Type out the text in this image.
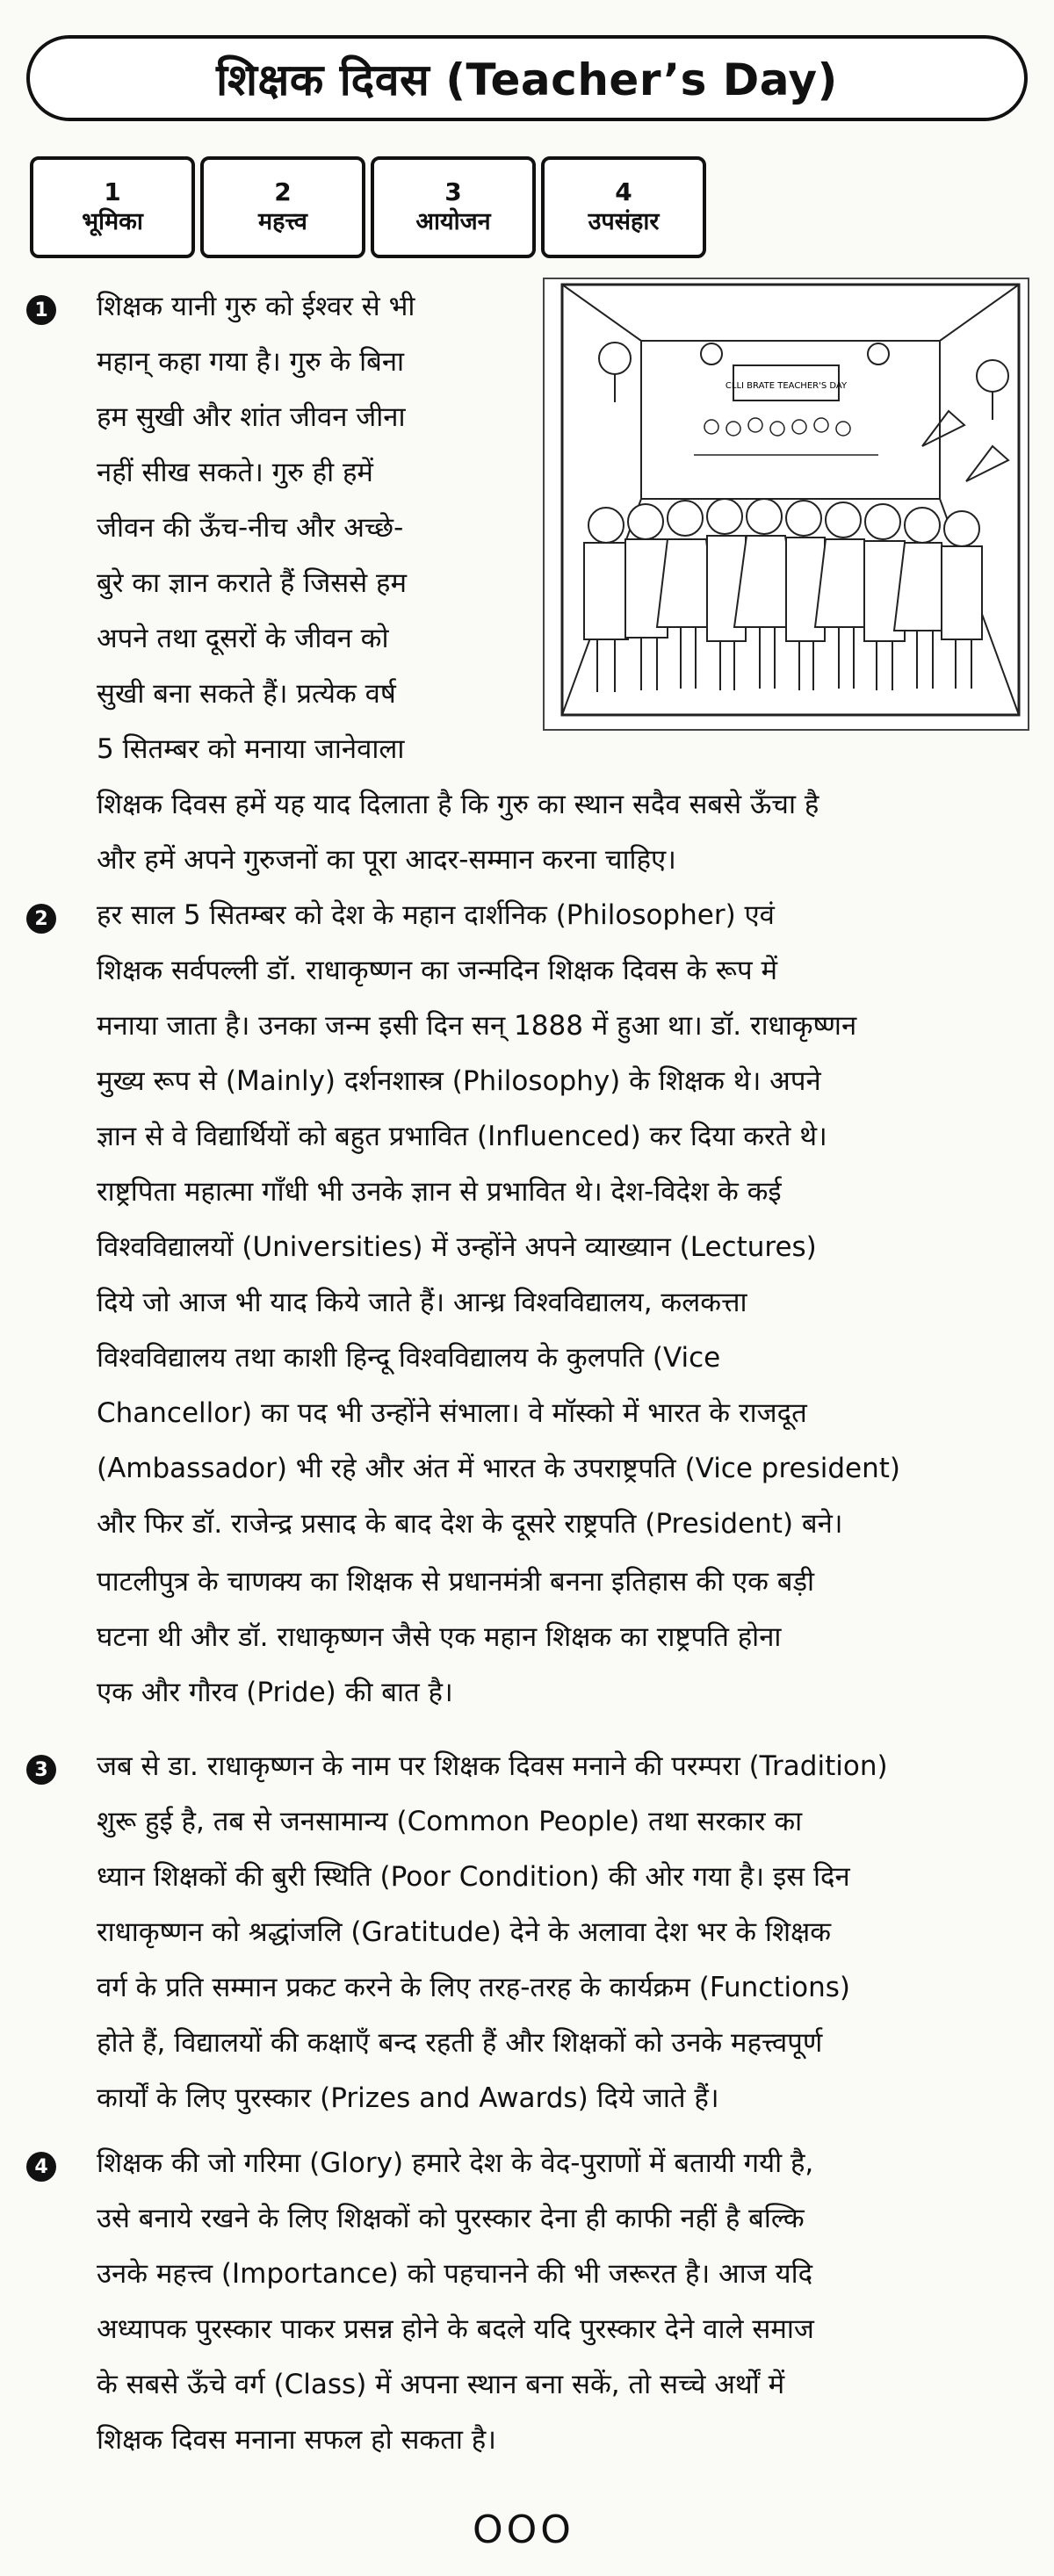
शिक्षक दिवस (Teacher’s Day)
1
भूमिका
2
महत्त्व
3
आयोजन
4
उपसंहार
1	शिक्षक यानी गुरु को ईश्वर से भी
महान् कहा गया है। गुरु के बिना
हम सुखी और शांत जीवन जीना
नहीं सीख सकते। गुरु ही हमें
जीवन की ऊँच-नीच और अच्छे-
बुरे का ज्ञान कराते हैं जिससे हम
अपने तथा दूसरों के जीवन को
सुखी बना सकते हैं। प्रत्येक वर्ष
5 सितम्बर को मनाया जानेवाला
CLLI BRATE TEACHER'S DAY
शिक्षक दिवस हमें यह याद दिलाता है कि गुरु का स्थान सदैव सबसे ऊँचा है
और हमें अपने गुरुजनों का पूरा आदर-सम्मान करना चाहिए।
2	हर साल 5 सितम्बर को देश के महान दार्शनिक (Philosopher) एवं
शिक्षक सर्वपल्ली डॉ. राधाकृष्णन का जन्मदिन शिक्षक दिवस के रूप में
मनाया जाता है। उनका जन्म इसी दिन सन् 1888 में हुआ था। डॉ. राधाकृष्णन
मुख्य रूप से (Mainly) दर्शनशास्त्र (Philosophy) के शिक्षक थे। अपने
ज्ञान से वे विद्यार्थियों को बहुत प्रभावित (Influenced) कर दिया करते थे।
राष्ट्रपिता महात्मा गाँधी भी उनके ज्ञान से प्रभावित थे। देश-विदेश के कई
विश्वविद्यालयों (Universities) में उन्होंने अपने व्याख्यान (Lectures)
दिये जो आज भी याद किये जाते हैं। आन्ध्र विश्वविद्यालय, कलकत्ता
विश्वविद्यालय तथा काशी हिन्दू विश्वविद्यालय के कुलपति (Vice
Chancellor) का पद भी उन्होंने संभाला। वे मॉस्को में भारत के राजदूत
(Ambassador) भी रहे और अंत में भारत के उपराष्ट्रपति (Vice president)
और फिर डॉ. राजेन्द्र प्रसाद के बाद देश के दूसरे राष्ट्रपति (President) बने।
पाटलीपुत्र के चाणक्य का शिक्षक से प्रधानमंत्री बनना इतिहास की एक बड़ी
घटना थी और डॉ. राधाकृष्णन जैसे एक महान शिक्षक का राष्ट्रपति होना
एक और गौरव (Pride) की बात है।
3	जब से डा. राधाकृष्णन के नाम पर शिक्षक दिवस मनाने की परम्परा (Tradition)
शुरू हुई है, तब से जनसामान्य (Common People) तथा सरकार का
ध्यान शिक्षकों की बुरी स्थिति (Poor Condition) की ओर गया है। इस दिन
राधाकृष्णन को श्रद्धांजलि (Gratitude) देने के अलावा देश भर के शिक्षक
वर्ग के प्रति सम्मान प्रकट करने के लिए तरह-तरह के कार्यक्रम (Functions)
होते हैं, विद्यालयों की कक्षाएँ बन्द रहती हैं और शिक्षकों को उनके महत्त्वपूर्ण
कार्यों के लिए पुरस्कार (Prizes and Awards) दिये जाते हैं।
4	शिक्षक की जो गरिमा (Glory) हमारे देश के वेद-पुराणों में बतायी गयी है,
उसे बनाये रखने के लिए शिक्षकों को पुरस्कार देना ही काफी नहीं है बल्कि
उनके महत्त्व (Importance) को पहचानने की भी जरूरत है। आज यदि
अध्यापक पुरस्कार पाकर प्रसन्न होने के बदले यदि पुरस्कार देने वाले समाज
के सबसे ऊँचे वर्ग (Class) में अपना स्थान बना सकें, तो सच्चे अर्थों में
शिक्षक दिवस मनाना सफल हो सकता है।
OOO
